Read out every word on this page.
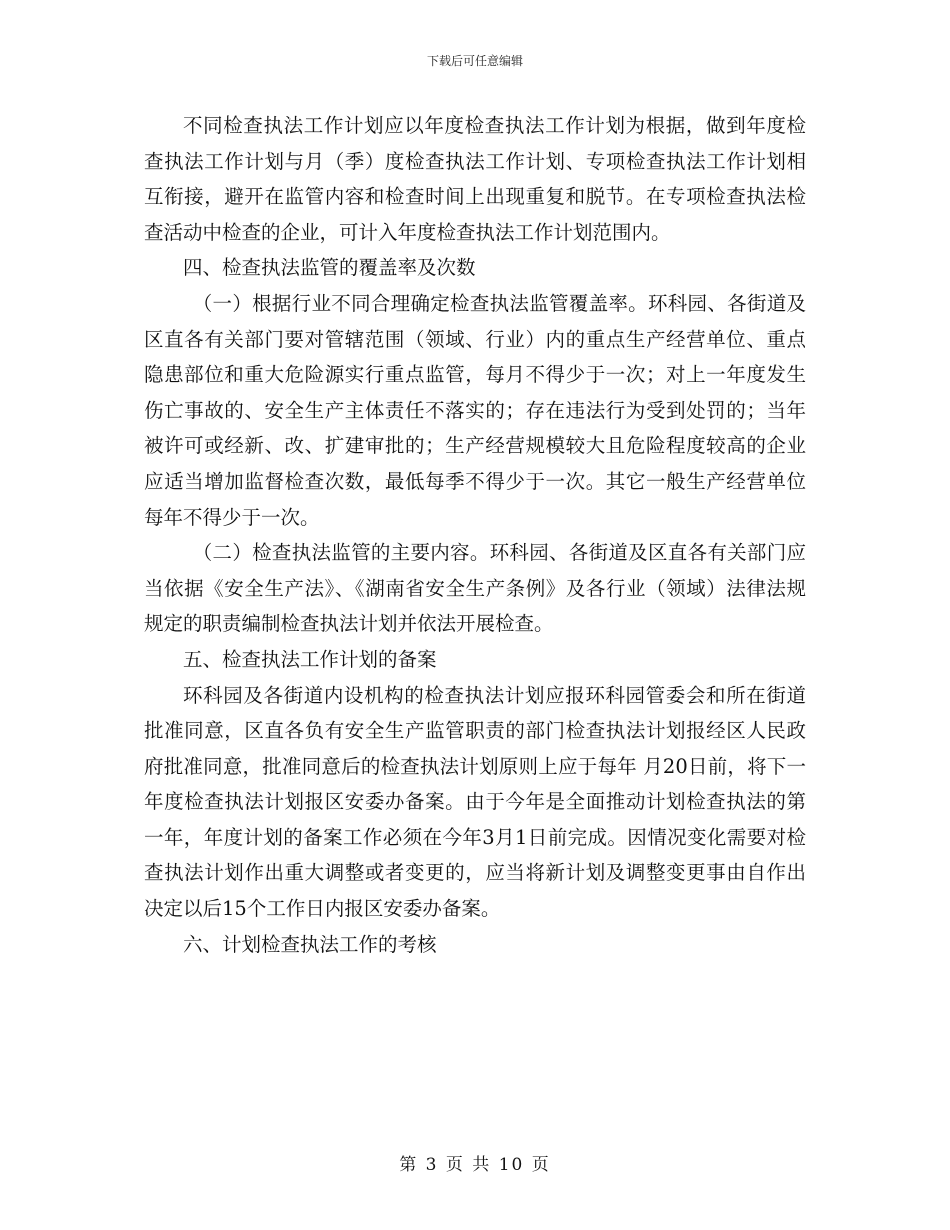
下载后可任意编辑

不同检查执法工作计划应以年度检查执法工作计划为根据，做到年度检查执法工作计划与月（季）度检查执法工作计划、专项检查执法工作计划相互衔接，避开在监管内容和检查时间上出现重复和脱节。在专项检查执法检查活动中检查的企业，可计入年度检查执法工作计划范围内。

四、检查执法监管的覆盖率及次数

（一）根据行业不同合理确定检查执法监管覆盖率。环科园、各街道及区直各有关部门要对管辖范围（领域、行业）内的重点生产经营单位、重点隐患部位和重大危险源实行重点监管，每月不得少于一次；对上一年度发生伤亡事故的、安全生产主体责任不落实的；存在违法行为受到处罚的；当年被许可或经新、改、扩建审批的；生产经营规模较大且危险程度较高的企业应适当增加监督检查次数，最低每季不得少于一次。其它一般生产经营单位每年不得少于一次。

（二）检查执法监管的主要内容。环科园、各街道及区直各有关部门应当依据《安全生产法》、《湖南省安全生产条例》及各行业（领域）法律法规规定的职责编制检查执法计划并依法开展检查。

五、检查执法工作计划的备案

环科园及各街道内设机构的检查执法计划应报环科园管委会和所在街道批准同意，区直各负有安全生产监管职责的部门检查执法计划报经区人民政府批准同意，批准同意后的检查执法计划原则上应于每年 月20日前，将下一年度检查执法计划报区安委办备案。由于今年是全面推动计划检查执法的第一年，年度计划的备案工作必须在今年3月1日前完成。因情况变化需要对检查执法计划作出重大调整或者变更的，应当将新计划及调整变更事由自作出决定以后15个工作日内报区安委办备案。

六、计划检查执法工作的考核

第 3 页 共 10 页
